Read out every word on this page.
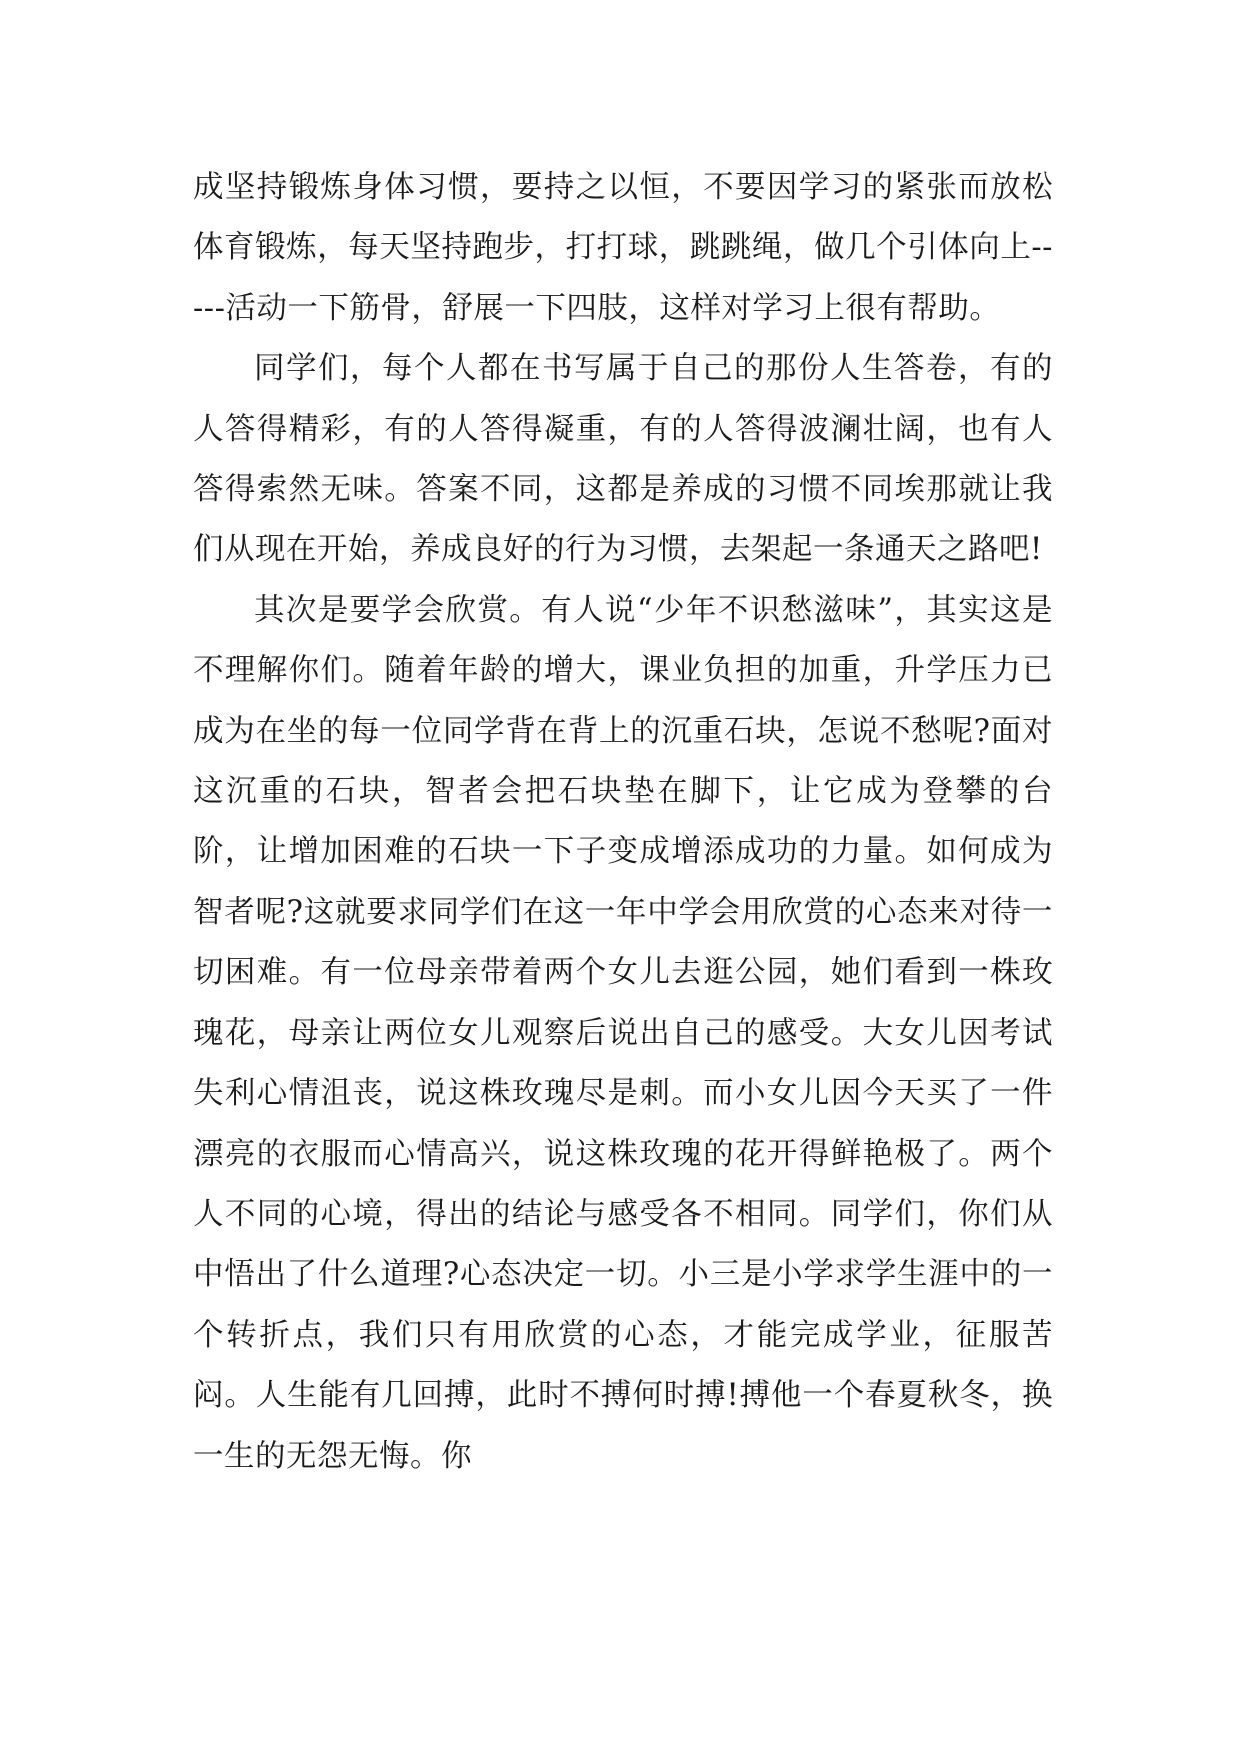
成坚持锻炼身体习惯，要持之以恒，不要因学习的紧张而放松体育锻炼，每天坚持跑步，打打球，跳跳绳，做几个引体向上-----活动一下筋骨，舒展一下四肢，这样对学习上很有帮助。

同学们，每个人都在书写属于自己的那份人生答卷，有的人答得精彩，有的人答得凝重，有的人答得波澜壮阔，也有人答得索然无味。答案不同，这都是养成的习惯不同埃那就让我们从现在开始，养成良好的行为习惯，去架起一条通天之路吧!

其次是要学会欣赏。有人说“少年不识愁滋味”，其实这是不理解你们。随着年龄的增大，课业负担的加重，升学压力已成为在坐的每一位同学背在背上的沉重石块，怎说不愁呢?面对这沉重的石块，智者会把石块垫在脚下，让它成为登攀的台阶，让增加困难的石块一下子变成增添成功的力量。如何成为智者呢?这就要求同学们在这一年中学会用欣赏的心态来对待一切困难。有一位母亲带着两个女儿去逛公园，她们看到一株玫瑰花，母亲让两位女儿观察后说出自己的感受。大女儿因考试失利心情沮丧，说这株玫瑰尽是刺。而小女儿因今天买了一件漂亮的衣服而心情高兴，说这株玫瑰的花开得鲜艳极了。两个人不同的心境，得出的结论与感受各不相同。同学们，你们从中悟出了什么道理?心态决定一切。小三是小学求学生涯中的一个转折点，我们只有用欣赏的心态，才能完成学业，征服苦闷。人生能有几回搏，此时不搏何时搏!搏他一个春夏秋冬，换一生的无怨无悔。你
